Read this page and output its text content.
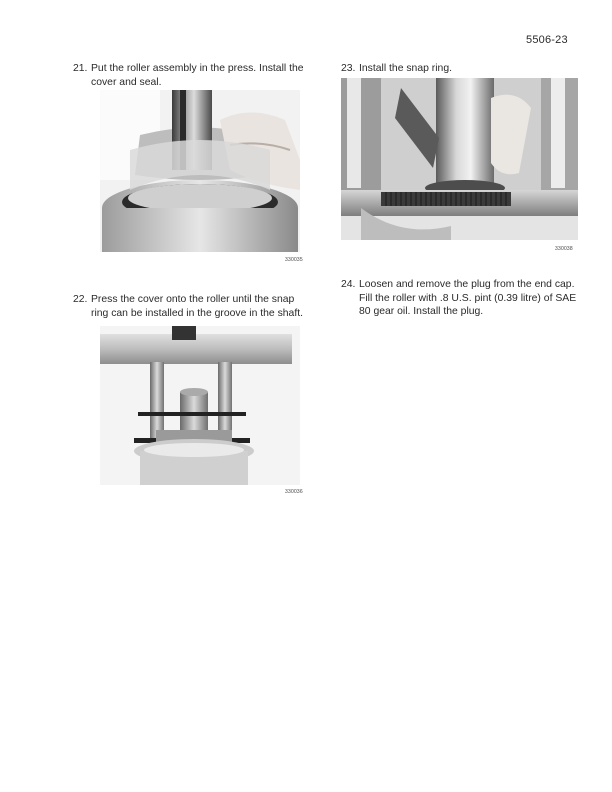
5506-23
21. Put the roller assembly in the press. Install the cover and seal.
330035
22. Press the cover onto the roller until the snap ring can be installed in the groove in the shaft.
330036
23. Install the snap ring.
330038
24. Loosen and remove the plug from the end cap. Fill the roller with .8 U.S. pint (0.39 litre) of SAE 80 gear oil. Install the plug.
